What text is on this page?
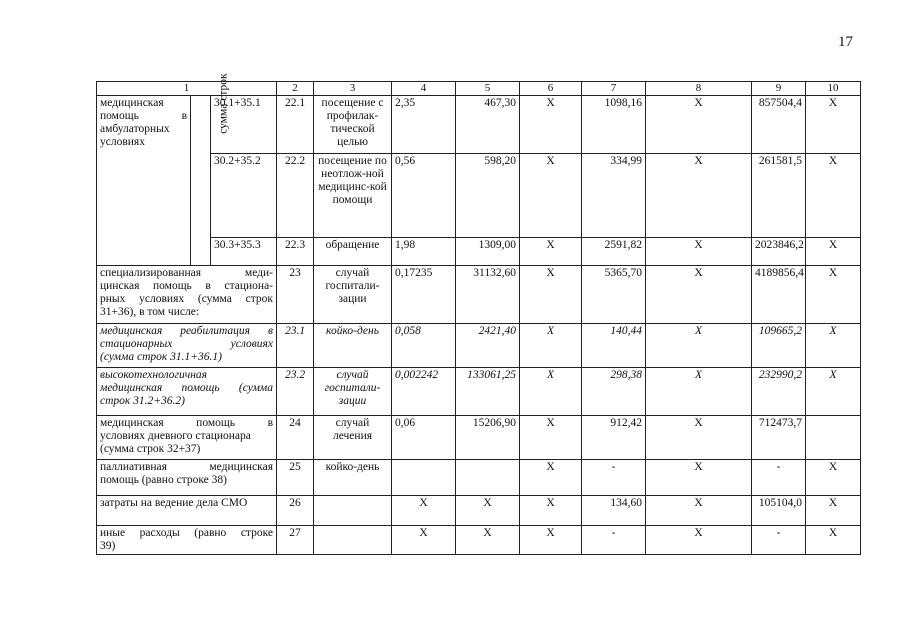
17
1			2	3	4	5	6	7	8	9	10

медицинская
помощь в
амбулаторных
условиях	сумма строк	30.1+35.1	22.1	посещение с профилак-тической целью	2,35	467,30	X	1098,16	X	857504,4	X
		30.2+35.2	22.2	посещение по неотлож-ной медицинс-кой помощи	0,56	598,20	X	334,99	X	261581,5	X
		30.3+35.3	22.3	обращение	1,98	1309,00	X	2591,82	X	2023846,2	X

специализированная меди-
цинская помощь в стациона-
рных условиях (сумма строк
31+36), в том числе:			23	случай госпитали-зации	0,17235	31132,60	X	5365,70	X	4189856,4	X

медицинская реабилитация в
стационарных условиях
(сумма строк 31.1+36.1)			23.1	койко-день	0,058	2421,40	X	140,44	X	109665,2	X

высокотехнологичная
медицинская помощь (сумма
строк 31.2+36.2)			23.2	случай госпитали-зации	0,002242	133061,25	X	298,38	X	232990,2	X

медицинская помощь в
условиях дневного стационара
(сумма строк 32+37)			24	случай лечения	0,06	15206,90	X	912,42	X	712473,7	

паллиативная медицинская
помощь (равно строке 38)			25	койко-день			X	-	X	-	X

затраты на ведение дела СМО			26		X	X	X	134,60	X	105104,0	X

иные расходы (равно строке
39)			27		X	X	X	-	X	-	X
